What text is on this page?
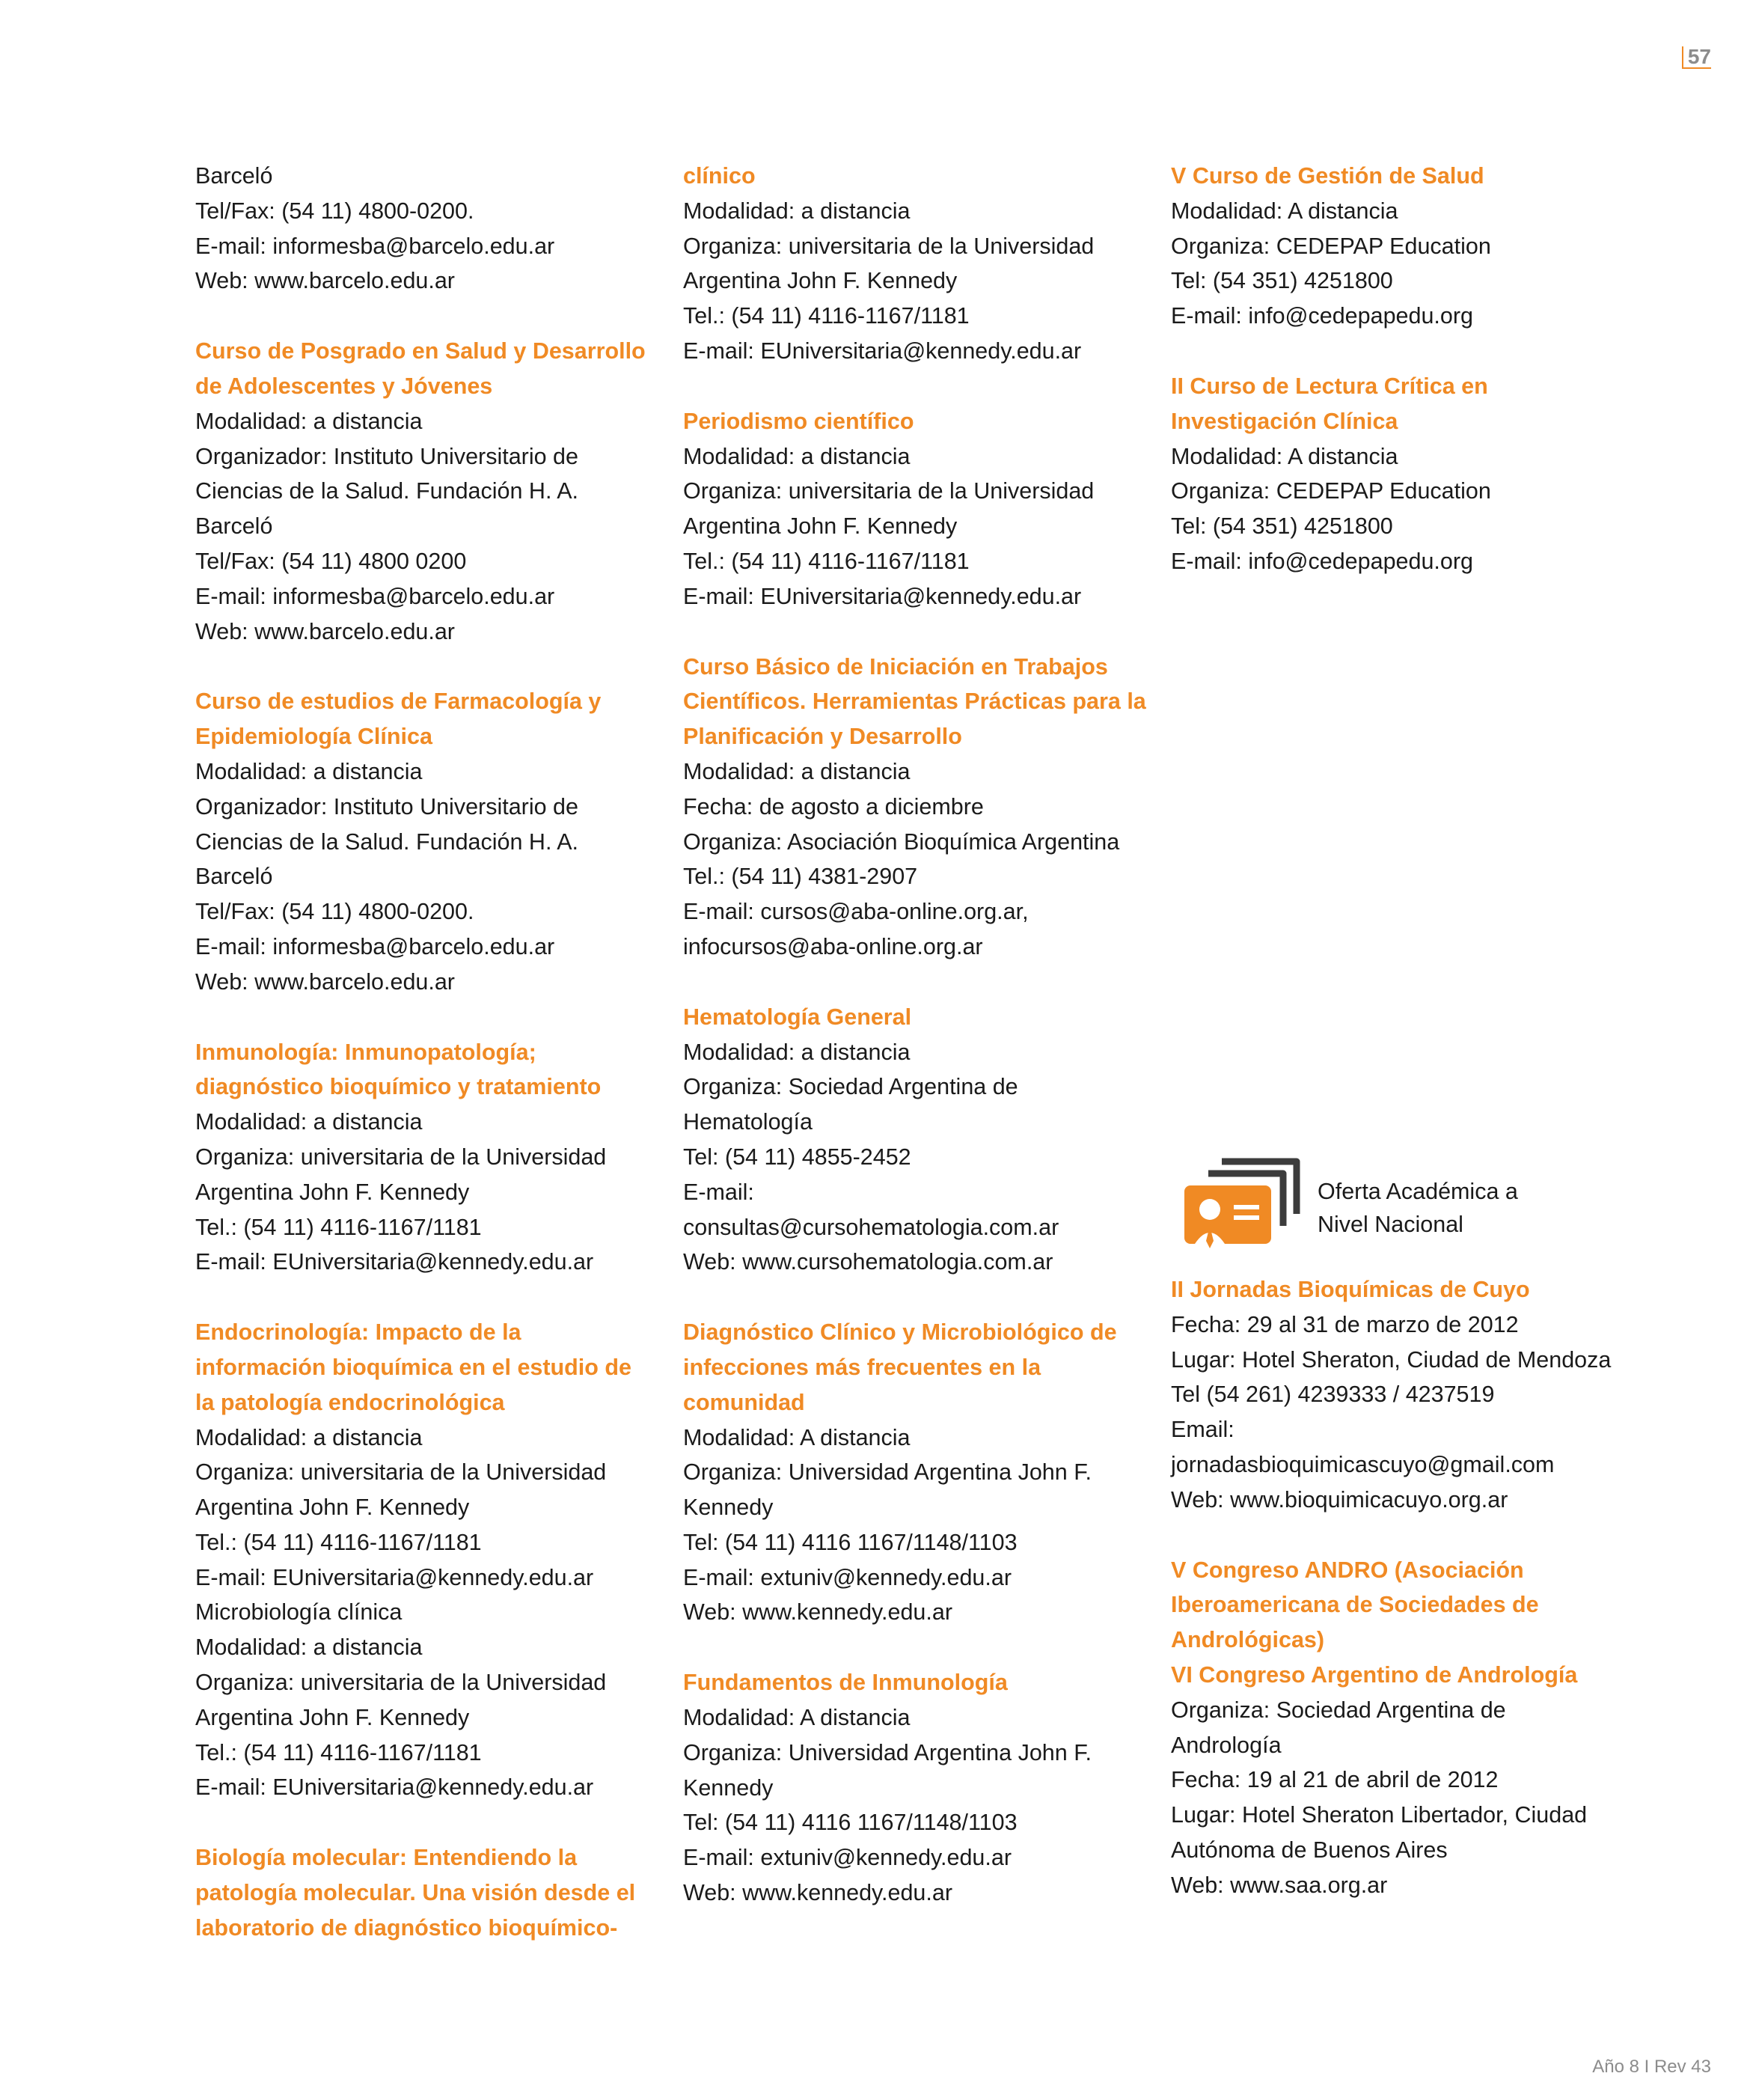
57
Barceló
Tel/Fax: (54 11) 4800-0200.
E-mail: informesba@barcelo.edu.ar
Web: www.barcelo.edu.ar
Curso de Posgrado en Salud y Desarrollo
de Adolescentes y Jóvenes
Modalidad: a distancia
Organizador: Instituto Universitario de
Ciencias de la Salud. Fundación H. A.
Barceló
Tel/Fax: (54 11) 4800 0200
E-mail: informesba@barcelo.edu.ar
Web: www.barcelo.edu.ar
Curso de estudios de Farmacología y
Epidemiología Clínica
Modalidad: a distancia
Organizador: Instituto Universitario de
Ciencias de la Salud. Fundación H. A.
Barceló
Tel/Fax: (54 11) 4800-0200.
E-mail: informesba@barcelo.edu.ar
Web: www.barcelo.edu.ar
Inmunología: Inmunopatología;
diagnóstico bioquímico y tratamiento
Modalidad: a distancia
Organiza: universitaria de la Universidad
Argentina John F. Kennedy
Tel.: (54 11) 4116-1167/1181
E-mail: EUniversitaria@kennedy.edu.ar
Endocrinología: Impacto de la
información bioquímica en el estudio de
la patología endocrinológica
Modalidad: a distancia
Organiza: universitaria de la Universidad
Argentina John F. Kennedy
Tel.: (54 11) 4116-1167/1181
E-mail: EUniversitaria@kennedy.edu.ar
Microbiología clínica
Modalidad: a distancia
Organiza: universitaria de la Universidad
Argentina John F. Kennedy
Tel.: (54 11) 4116-1167/1181
E-mail: EUniversitaria@kennedy.edu.ar
Biología molecular: Entendiendo la
patología molecular. Una visión desde el
laboratorio de diagnóstico bioquímico-
clínico
Modalidad: a distancia
Organiza: universitaria de la Universidad
Argentina John F. Kennedy
Tel.: (54 11) 4116-1167/1181
E-mail: EUniversitaria@kennedy.edu.ar
Periodismo científico
Modalidad: a distancia
Organiza: universitaria de la Universidad
Argentina John F. Kennedy
Tel.: (54 11) 4116-1167/1181
E-mail: EUniversitaria@kennedy.edu.ar
Curso Básico de Iniciación en Trabajos
Científicos. Herramientas Prácticas para la
Planificación y Desarrollo
Modalidad: a distancia
Fecha: de agosto a diciembre
Organiza: Asociación Bioquímica Argentina
Tel.: (54 11) 4381-2907
E-mail: cursos@aba-online.org.ar,
infocursos@aba-online.org.ar
Hematología General
Modalidad: a distancia
Organiza: Sociedad Argentina de
Hematología
Tel: (54 11) 4855-2452
E-mail:
consultas@cursohematologia.com.ar
Web: www.cursohematologia.com.ar
Diagnóstico Clínico y Microbiológico de
infecciones más frecuentes en la
comunidad
Modalidad: A distancia
Organiza: Universidad Argentina John F.
Kennedy
Tel: (54 11) 4116 1167/1148/1103
E-mail: extuniv@kennedy.edu.ar
Web: www.kennedy.edu.ar
Fundamentos de Inmunología
Modalidad: A distancia
Organiza: Universidad Argentina John F.
Kennedy
Tel: (54 11) 4116 1167/1148/1103
E-mail: extuniv@kennedy.edu.ar
Web: www.kennedy.edu.ar
V Curso de Gestión de Salud
Modalidad: A distancia
Organiza: CEDEPAP Education
Tel: (54 351) 4251800
E-mail: info@cedepapedu.org
II Curso de Lectura Crítica en
Investigación Clínica
Modalidad: A distancia
Organiza: CEDEPAP Education
Tel: (54 351) 4251800
E-mail: info@cedepapedu.org
Oferta Académica a
Nivel Nacional
II Jornadas Bioquímicas de Cuyo
Fecha: 29 al 31 de marzo de 2012
Lugar: Hotel Sheraton, Ciudad de Mendoza
Tel (54 261) 4239333 / 4237519
Email:
jornadasbioquimicascuyo@gmail.com
Web: www.bioquimicacuyo.org.ar
V Congreso ANDRO (Asociación
Iberoamericana de Sociedades de
Andrológicas)
VI Congreso Argentino de Andrología
Organiza: Sociedad Argentina de
Andrología
Fecha: 19 al 21 de abril de 2012
Lugar: Hotel Sheraton Libertador, Ciudad
Autónoma de Buenos Aires
Web: www.saa.org.ar
Año 8 I Rev 43
